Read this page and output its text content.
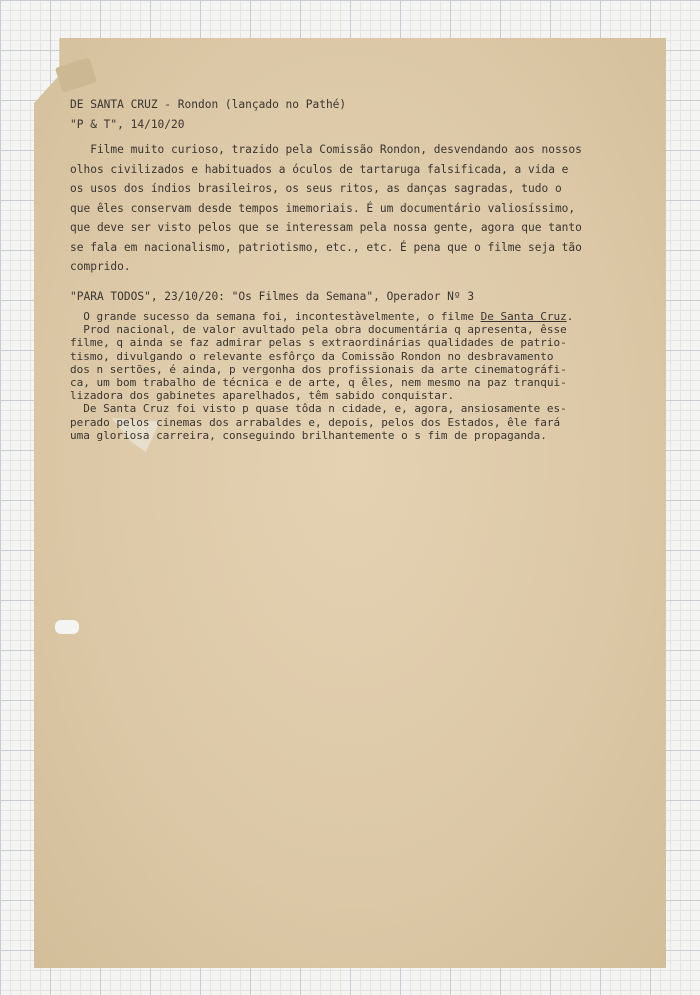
DE SANTA CRUZ - Rondon (lançado no Pathé)
"P & T", 14/10/20
Filme muito curioso, trazido pela Comissão Rondon, desvendando aos nossos
olhos civilizados e habituados a óculos de tartaruga falsificada, a vida e
os usos dos índios brasileiros, os seus ritos, as danças sagradas, tudo o
que êles conservam desde tempos imemoriais. É um documentário valiosíssimo,
que deve ser visto pelos que se interessam pela nossa gente, agora que tanto
se fala em nacionalismo, patriotismo, etc., etc. É pena que o filme seja tão
comprido.
"PARA TODOS", 23/10/20: "Os Filmes da Semana", Operador Nº 3
O grande sucesso da semana foi, incontestàvelmente, o filme De Santa Cruz.
Prod nacional, de valor avultado pela obra documentária q apresenta, êsse
filme, q ainda se faz admirar pelas s extraordinárias qualidades de patrio-
tismo, divulgando o relevante esfôrço da Comissão Rondon no desbravamento
dos n sertões, é ainda, p vergonha dos profissionais da arte cinematográfi-
ca, um bom trabalho de técnica e de arte, q êles, nem mesmo na paz tranqui-
lizadora dos gabinetes aparelhados, têm sabido conquistar.
De Santa Cruz foi visto p quase tôda n cidade, e, agora, ansiosamente es-
perado pelos cinemas dos arrabaldes e, depois, pelos dos Estados, êle fará
uma gloriosa carreira, conseguindo brilhantemente o s fim de propaganda.
